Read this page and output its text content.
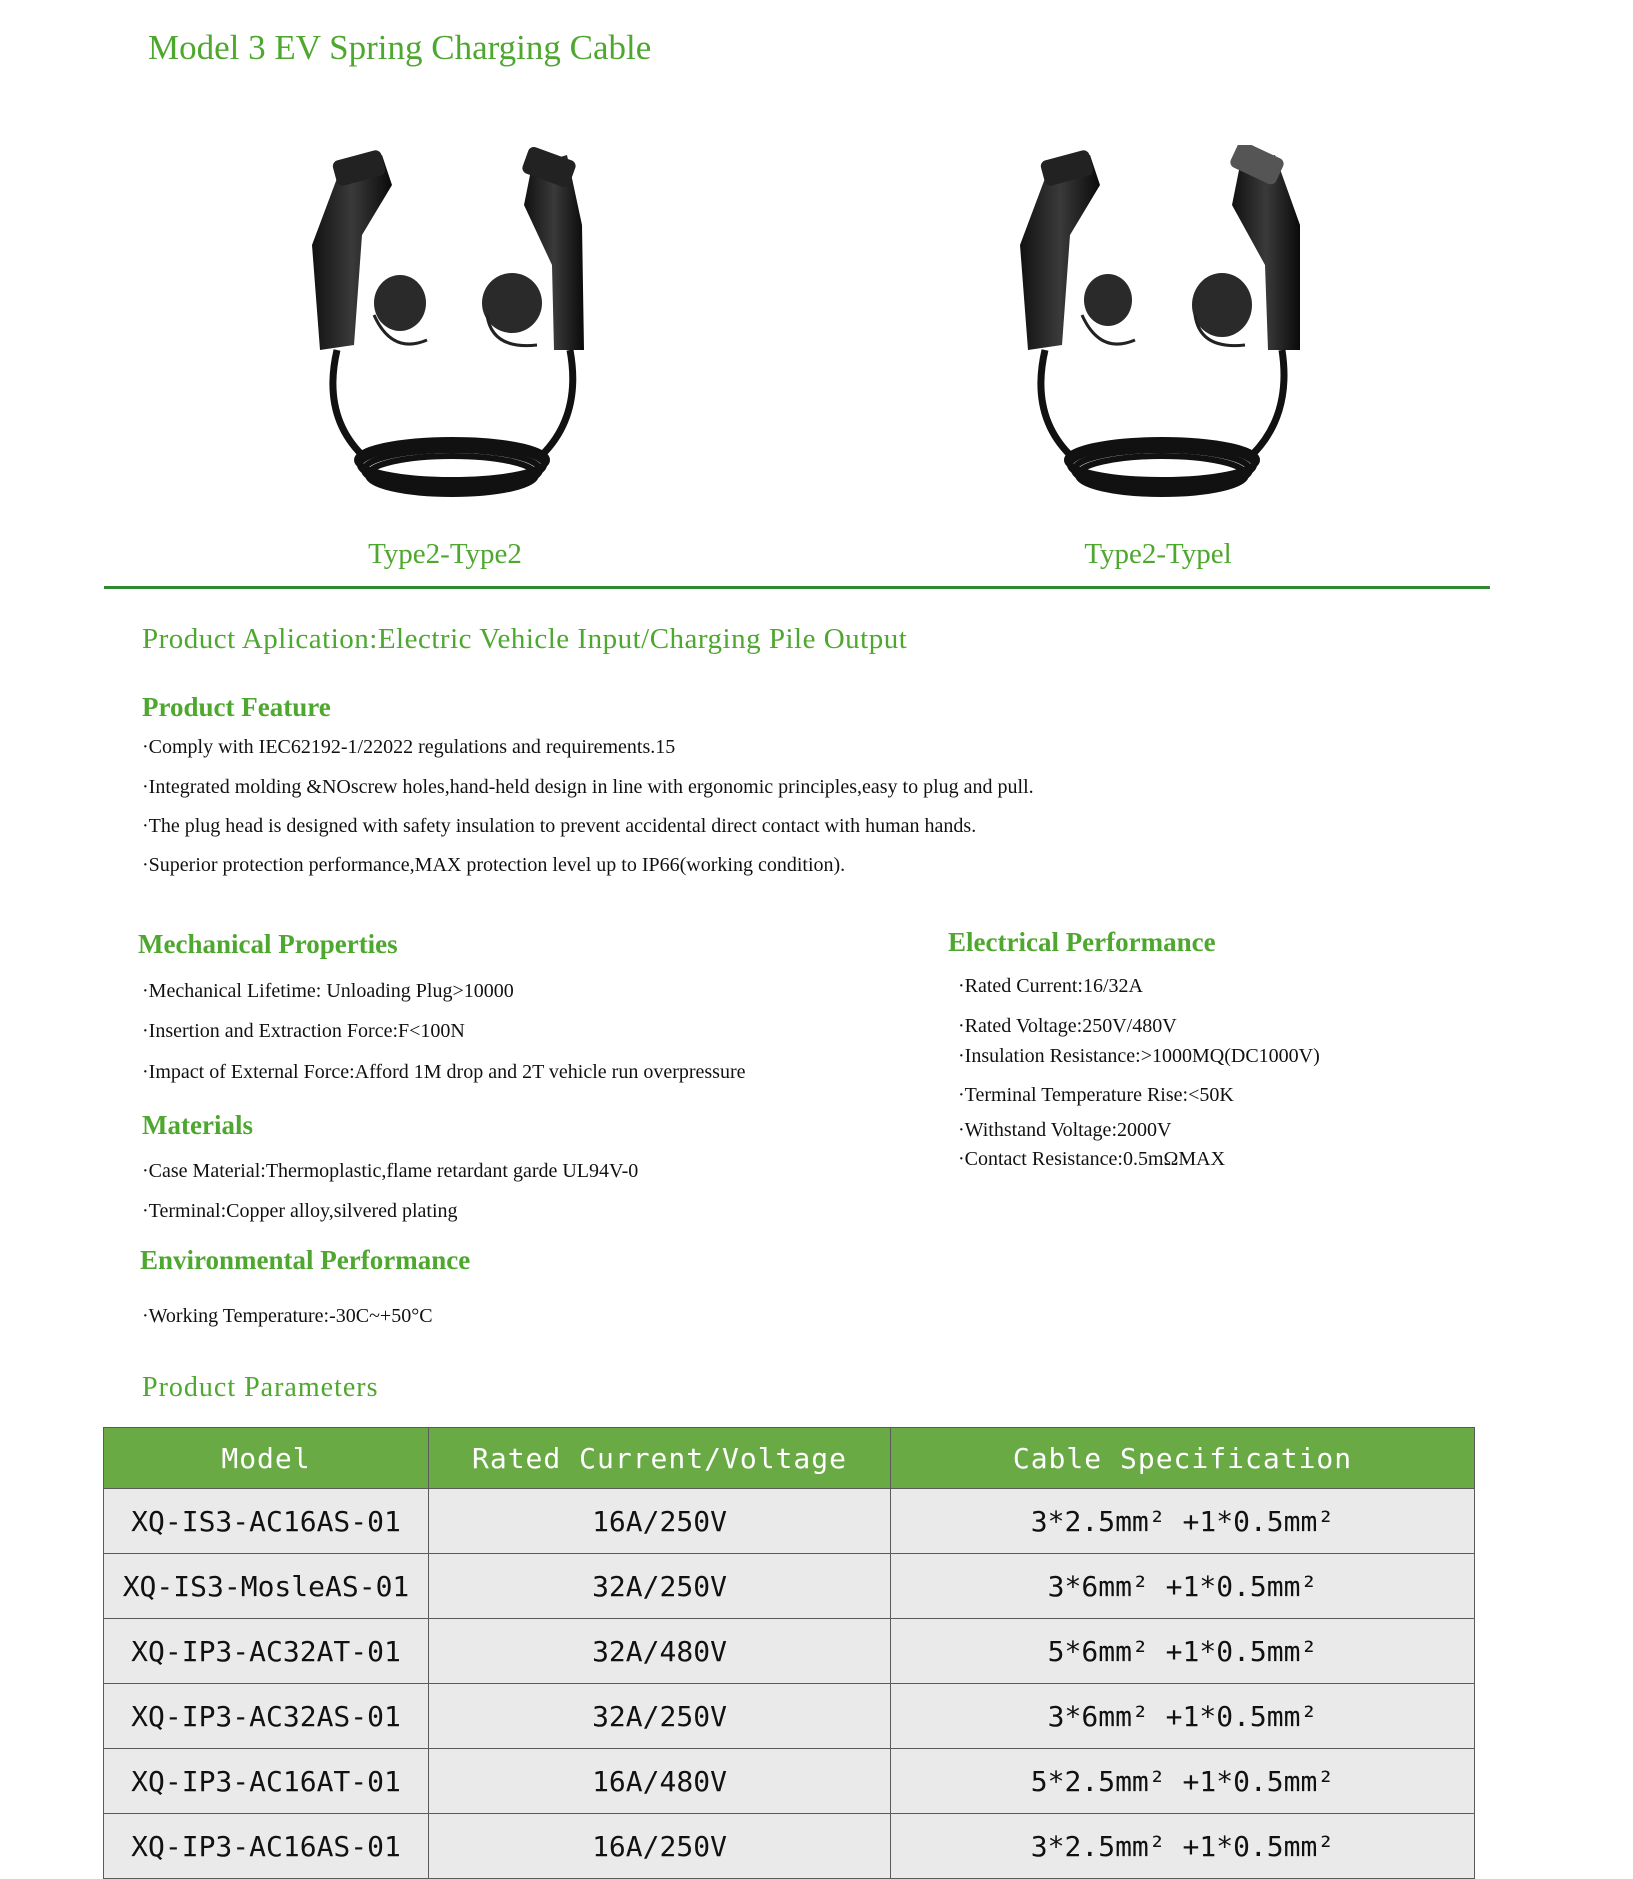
Model 3 EV Spring Charging Cable
Type2-Type2	Type2-Typel
Product Aplication:Electric Vehicle Input/Charging Pile Output
Product Feature
·Comply with IEC62192-1/22022 regulations and requirements.15
·Integrated molding &NOscrew holes,hand-held design in line with ergonomic principles,easy to plug and pull.
·The plug head is designed with safety insulation to prevent accidental direct contact with human hands.
·Superior protection performance,MAX protection level up to IP66(working condition).
Mechanical Properties
·Mechanical Lifetime: Unloading Plug>10000
·Insertion and Extraction Force:F<100N
·Impact of External Force:Afford 1M drop and 2T vehicle run overpressure
Materials
·Case Material:Thermoplastic,flame retardant garde UL94V-0
·Terminal:Copper alloy,silvered plating
Environmental Performance
·Working Temperature:-30C~+50°C
Electrical Performance
·Rated Current:16/32A
·Rated Voltage:250V/480V
·Insulation Resistance:>1000MQ(DC1000V)
·Terminal Temperature Rise:<50K
·Withstand Voltage:2000V
·Contact Resistance:0.5mΩMAX
Product Parameters
Model	Rated Current/Voltage	Cable Specification
XQ-IS3-AC16AS-01	16A/250V	3*2.5mm² +1*0.5mm²
XQ-IS3-MosleAS-01	32A/250V	3*6mm² +1*0.5mm²
XQ-IP3-AC32AT-01	32A/480V	5*6mm² +1*0.5mm²
XQ-IP3-AC32AS-01	32A/250V	3*6mm² +1*0.5mm²
XQ-IP3-AC16AT-01	16A/480V	5*2.5mm² +1*0.5mm²
XQ-IP3-AC16AS-01	16A/250V	3*2.5mm² +1*0.5mm²
